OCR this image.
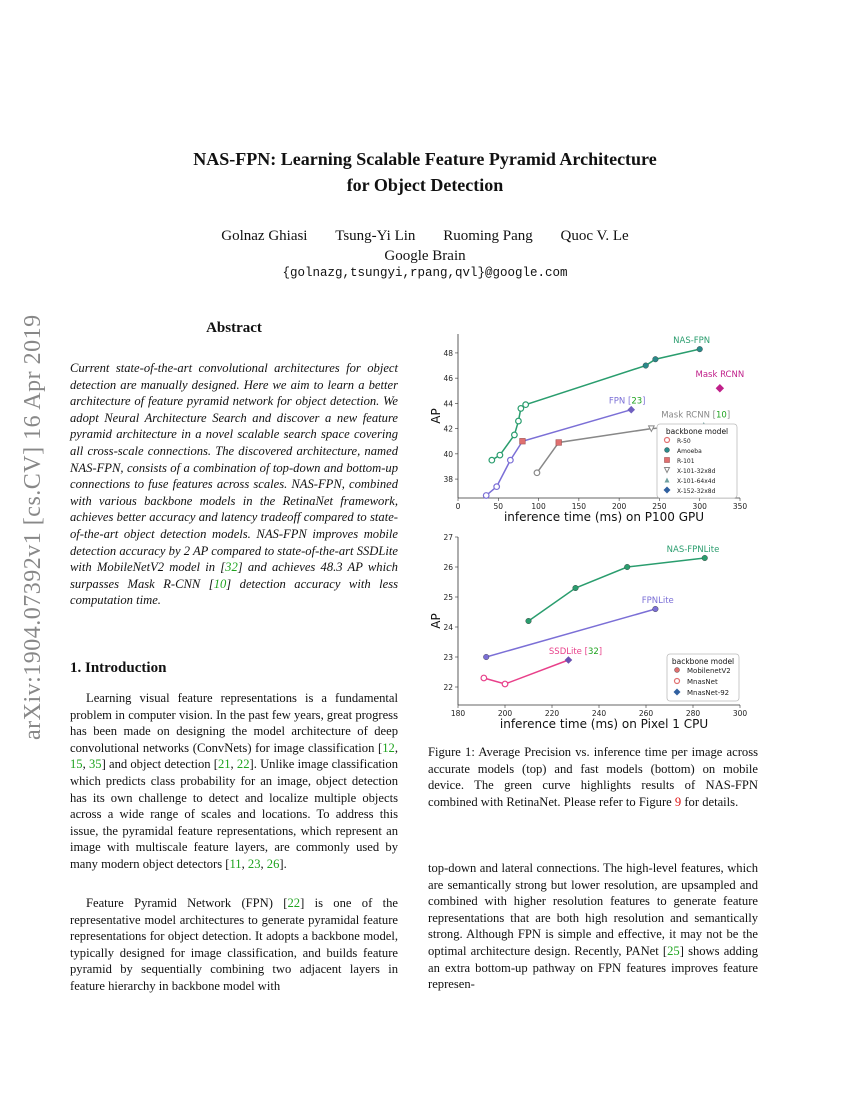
arXiv:1904.07392v1 [cs.CV] 16 Apr 2019
NAS-FPN: Learning Scalable Feature Pyramid Architecture
for Object Detection
Golnaz Ghiasi Tsung-Yi Lin Ruoming Pang Quoc V. Le
Google Brain
{golnazg,tsungyi,rpang,qvl}@google.com
Abstract
Current state-of-the-art convolutional architectures for object detection are manually designed. Here we aim to learn a better architecture of feature pyramid network for object detection. We adopt Neural Architecture Search and discover a new feature pyramid architecture in a novel scalable search space covering all cross-scale connections. The discovered architecture, named NAS-FPN, consists of a combination of top-down and bottom-up connections to fuse features across scales. NAS-FPN, combined with various backbone models in the RetinaNet framework, achieves better accuracy and latency tradeoff compared to state-of-the-art object detection models. NAS-FPN improves mobile detection accuracy by 2 AP compared to state-of-the-art SSDLite with MobileNetV2 model in [32] and achieves 48.3 AP which surpasses Mask R-CNN [10] detection accuracy with less computation time.
1. Introduction
Learning visual feature representations is a fundamental problem in computer vision. In the past few years, great progress has been made on designing the model architecture of deep convolutional networks (ConvNets) for image classification [12, 15, 35] and object detection [21, 22]. Unlike image classification which predicts class probability for an image, object detection has its own challenge to detect and localize multiple objects across a wide range of scales and locations. To address this issue, the pyramidal feature representations, which represent an image with multiscale feature layers, are commonly used by many modern object detectors [11, 23, 26].
Feature Pyramid Network (FPN) [22] is one of the representative model architectures to generate pyramidal feature representations for object detection. It adopts a backbone model, typically designed for image classification, and builds feature pyramid by sequentially combining two adjacent layers in feature hierarchy in backbone model with
top-down and lateral connections. The high-level features, which are semantically strong but lower resolution, are upsampled and combined with higher resolution features to generate feature representations that are both high resolution and semantically strong. Although FPN is simple and effective, it may not be the optimal architecture design. Recently, PANet [25] shows adding an extra bottom-up pathway on FPN features improves feature represen-
Figure 1: Average Precision vs. inference time per image across accurate models (top) and fast models (bottom) on mobile device. The green curve highlights results of NAS-FPN combined with RetinaNet. Please refer to Figure 9 for details.
0	50	100	150	200	250	300	350
38
40
42
44
46
48
inference time (ms) on P100 GPU
AP
NAS-FPN
FPN [23]
Mask RCNN [10]
Mask RCNN
backbone model
R-50
Amoeba
R-101
X-101-32x8d
X-101-64x4d
X-152-32x8d
180	200	220	240	260	280	300
22
23
24
25
26
27
inference time (ms) on Pixel 1 CPU
AP
NAS-FPNLite
FPNLite
SSDLite [32]
backbone model
MobilenetV2
MnasNet
MnasNet-92
